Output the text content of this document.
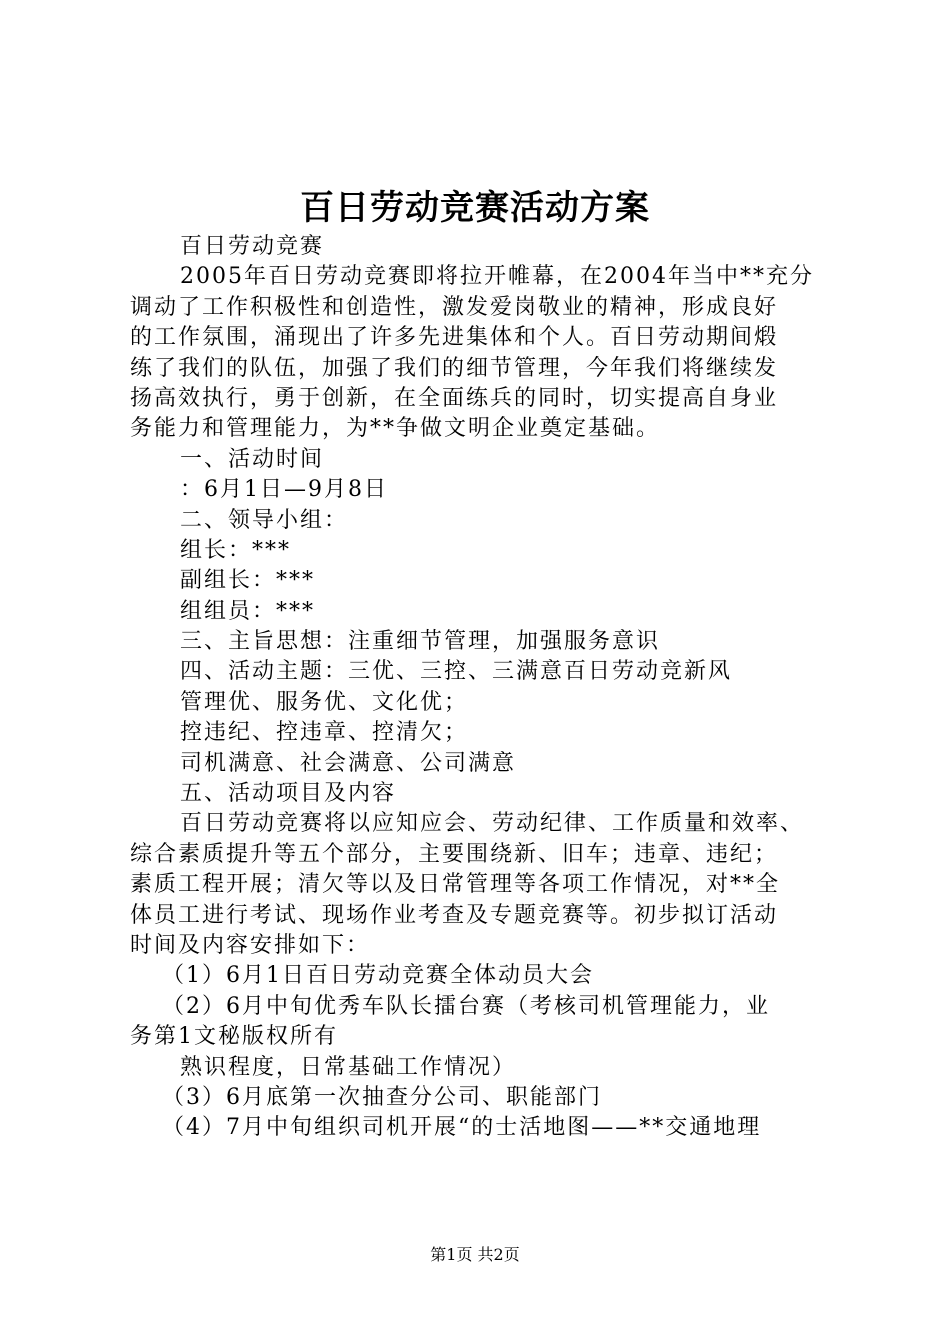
百日劳动竞赛活动方案
百日劳动竞赛
2005年百日劳动竞赛即将拉开帷幕，在2004年当中**充分
调动了工作积极性和创造性，激发爱岗敬业的精神，形成良好
的工作氛围，涌现出了许多先进集体和个人。百日劳动期间煅
练了我们的队伍，加强了我们的细节管理，今年我们将继续发
扬高效执行，勇于创新，在全面练兵的同时，切实提高自身业
务能力和管理能力，为**争做文明企业奠定基础。
一、活动时间
：6月1日—9月8日
二、领导小组：
组长：***
副组长：***
组组员：***
三、主旨思想：注重细节管理，加强服务意识
四、活动主题：三优、三控、三满意百日劳动竞新风
管理优、服务优、文化优；
控违纪、控违章、控清欠；
司机满意、社会满意、公司满意
五、活动项目及内容
百日劳动竞赛将以应知应会、劳动纪律、工作质量和效率、
综合素质提升等五个部分，主要围绕新、旧车；违章、违纪；
素质工程开展；清欠等以及日常管理等各项工作情况，对**全
体员工进行考试、现场作业考查及专题竞赛等。初步拟订活动
时间及内容安排如下：
（1）6月1日百日劳动竞赛全体动员大会
（2）6月中旬优秀车队长擂台赛（考核司机管理能力，业
务第1文秘版权所有
熟识程度，日常基础工作情况）
（3）6月底第一次抽查分公司、职能部门
（4）7月中旬组织司机开展“的士活地图——**交通地理
第1页 共2页
